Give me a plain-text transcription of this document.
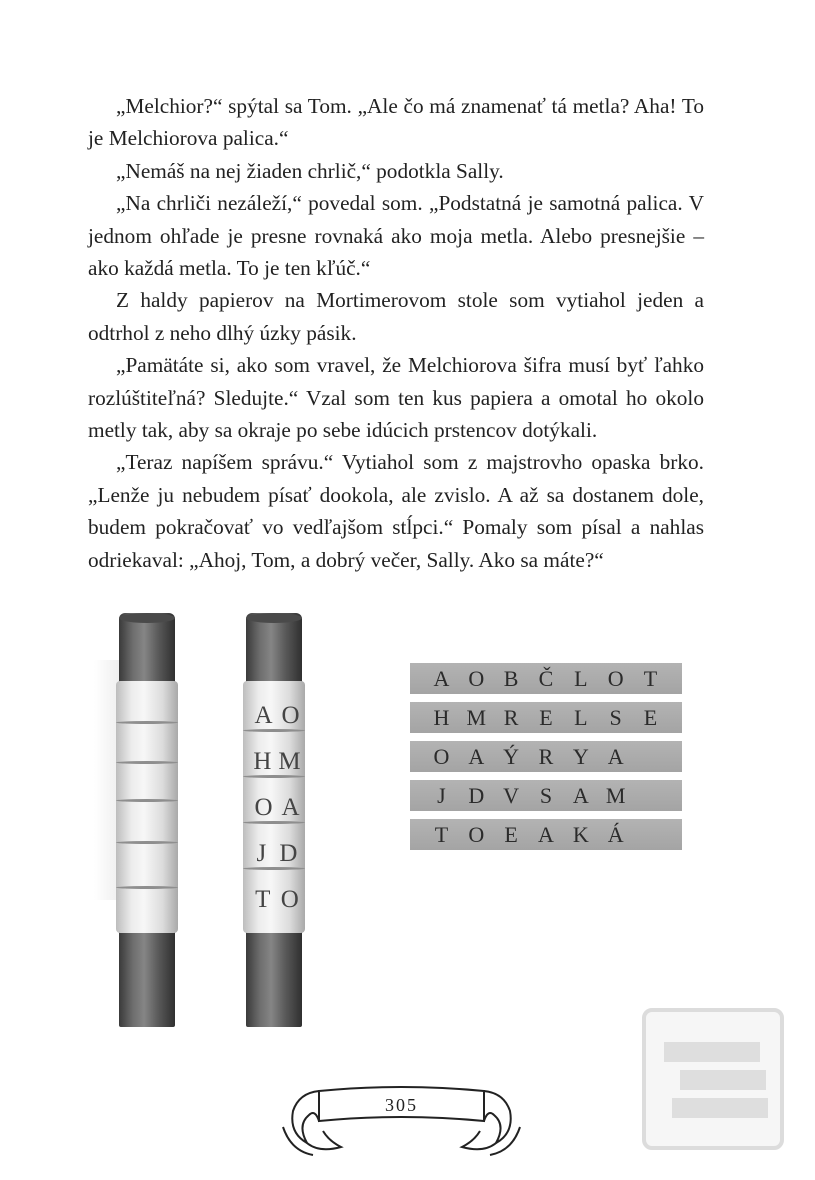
„Melchior?“ spýtal sa Tom. „Ale čo má znamenať tá metla? Aha! To je Melchiorova palica.“

„Nemáš na nej žiaden chrlič,“ podotkla Sally.

„Na chrliči nezáleží,“ povedal som. „Podstatná je samotná palica. V jednom ohľade je presne rovnaká ako moja metla. Alebo presnejšie – ako každá metla. To je ten kľúč.“

Z haldy papierov na Mortimerovom stole som vytiahol jeden a odtrhol z neho dlhý úzky pásik.

„Pamätáte si, ako som vravel, že Melchiorova šifra musí byť ľahko rozlúštiteľná? Sledujte.“ Vzal som ten kus papiera a omotal ho okolo metly tak, aby sa okraje po sebe idúcich prstencov dotýkali.

„Teraz napíšem správu.“ Vytiahol som z majstrovho opaska brko. „Lenže ju nebudem písať dookola, ale zvislo. A až sa dostanem dole, budem pokračovať vo vedľajšom stĺpci.“ Pomaly som písal a nahlas odriekaval: „Ahoj, Tom, a dobrý večer, Sally. Ako sa máte?“

A O
H M
O A
J D
T O
A O B Č L O T
H M R E L	S E
O A Ý R Y A
J	D V S A M
T O E A K Á
305
